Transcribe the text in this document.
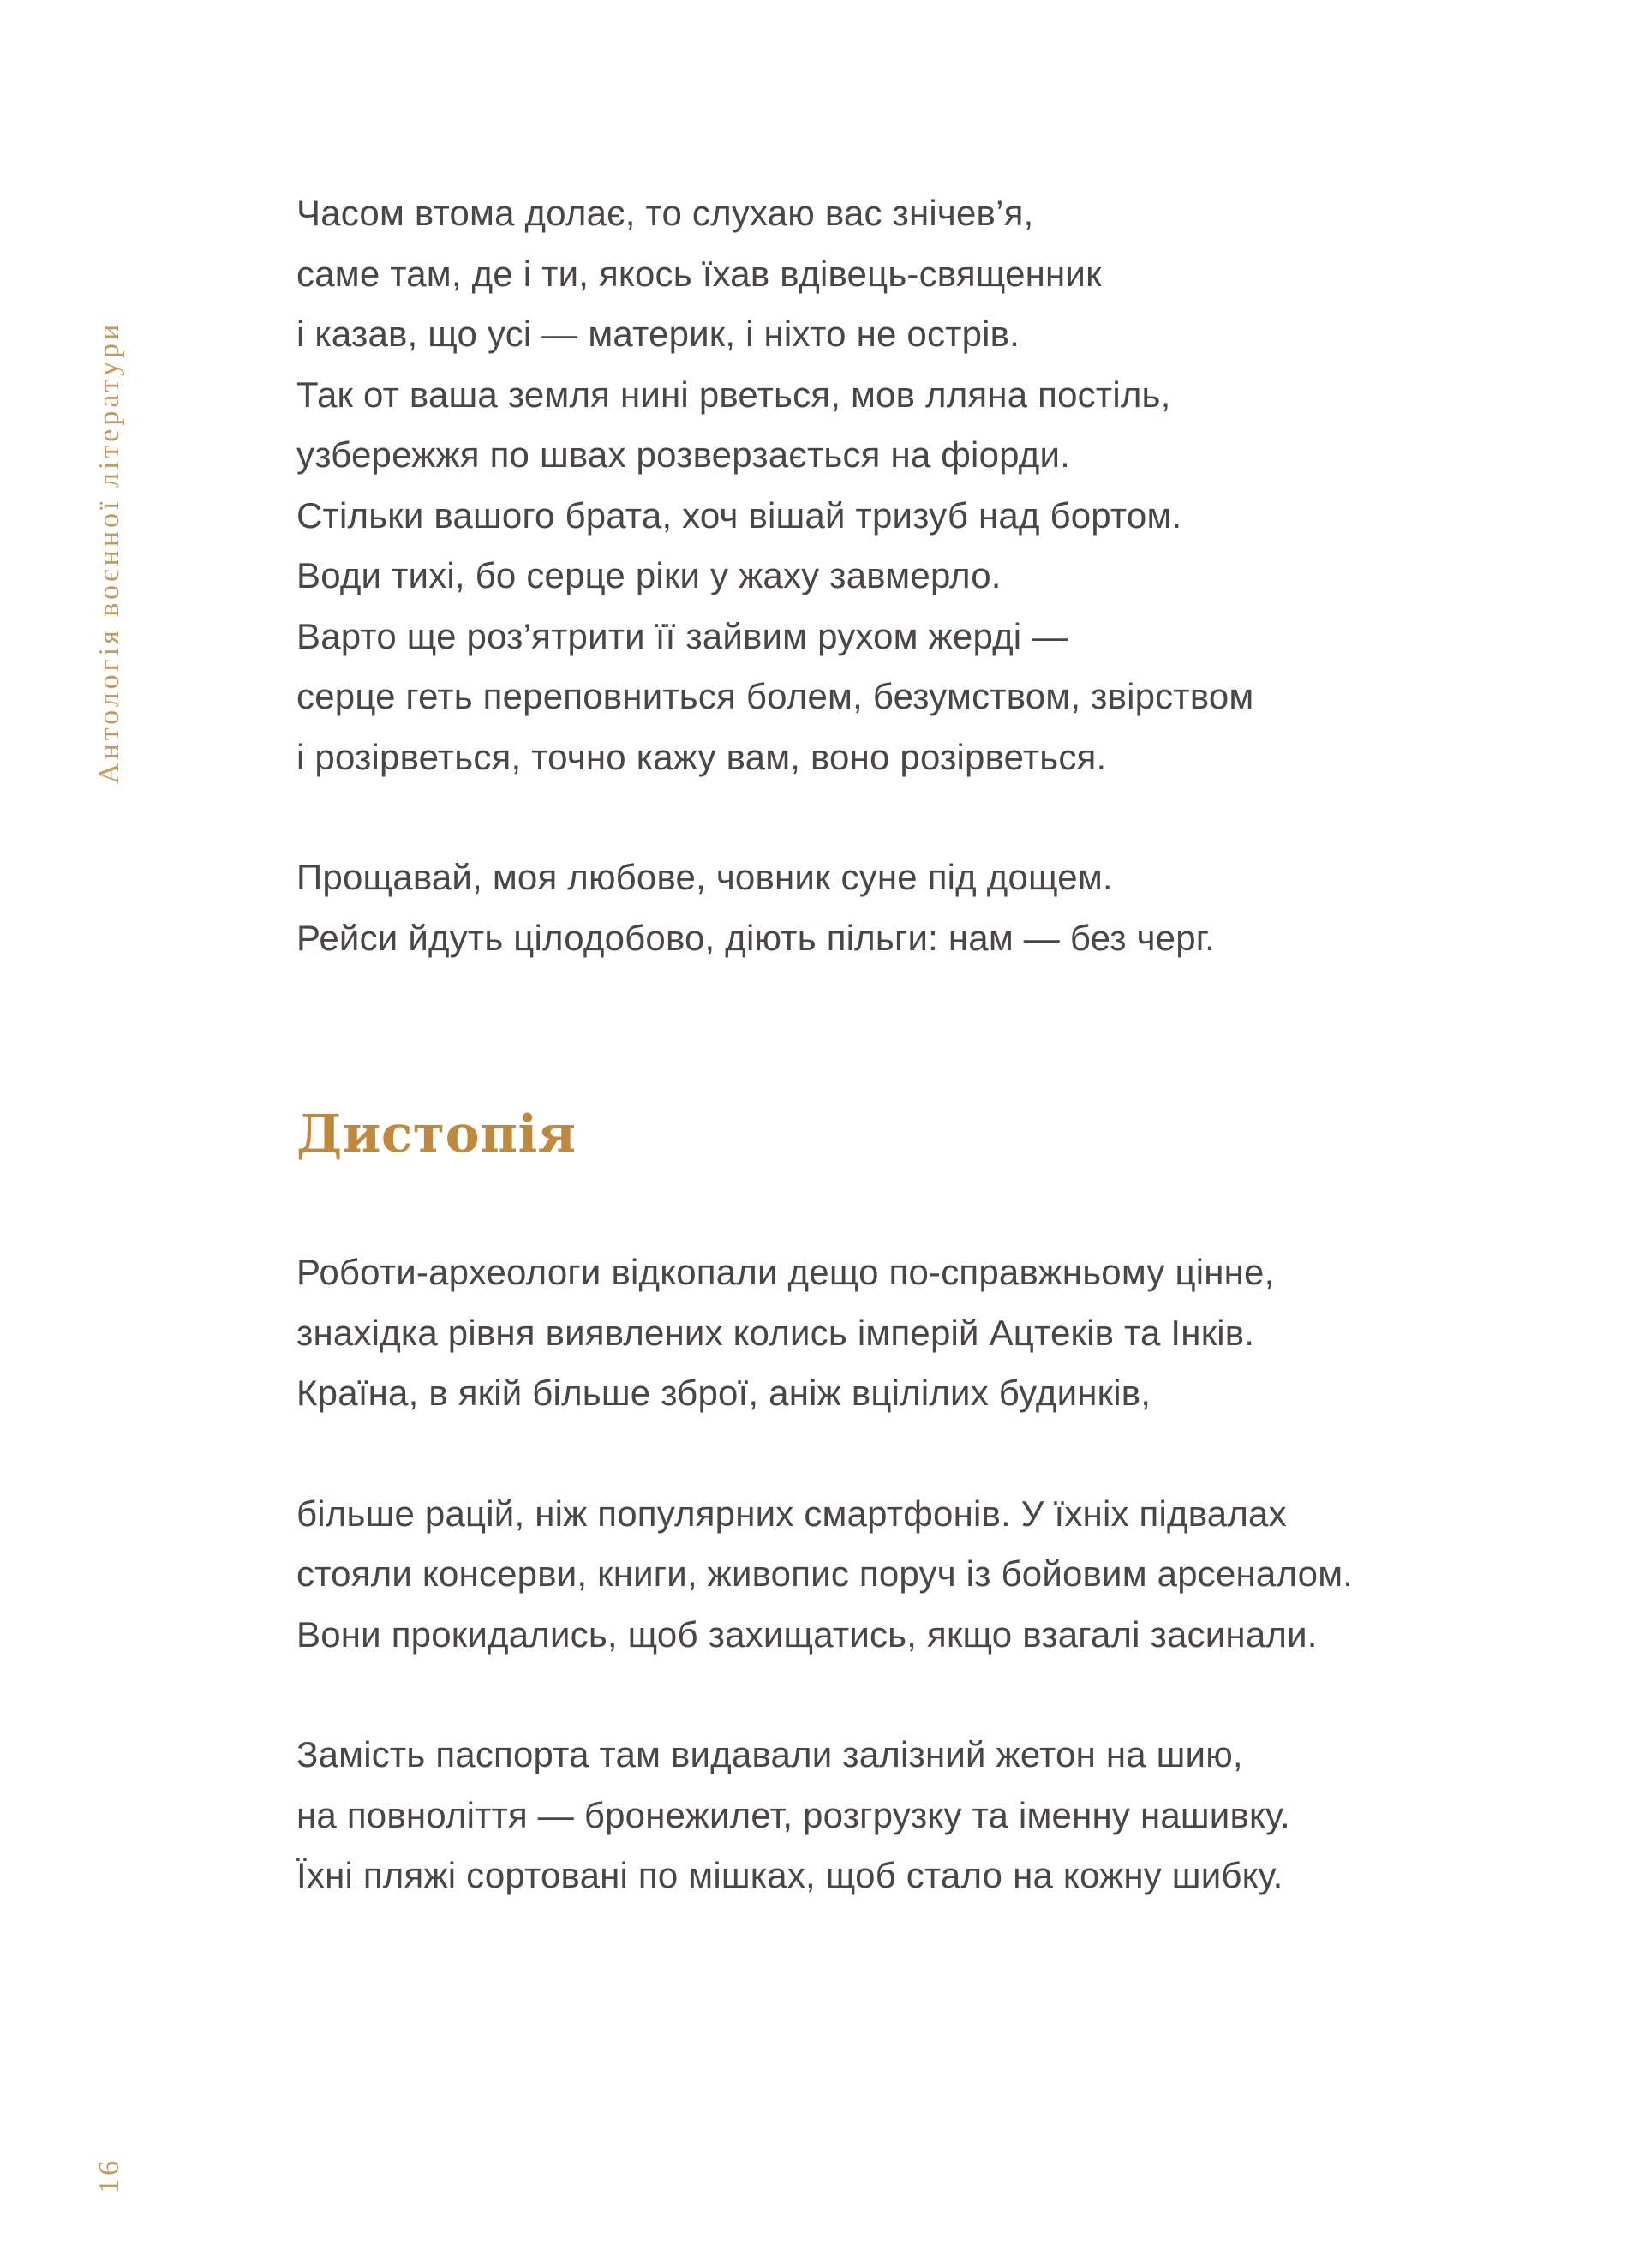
Антологія воєнної літератури
16
Часом втома долає, то слухаю вас знічев’я,
саме там, де і ти, якось їхав вдівець-священник
і казав, що усі — материк, і ніхто не острів.
Так от ваша земля нині рветься, мов лляна постіль,
узбережжя по швах розверзається на фіорди.
Стільки вашого брата, хоч вішай тризуб над бортом.
Води тихі, бо серце ріки у жаху завмерло.
Варто ще роз’ятрити її зайвим рухом жерді —
серце геть переповниться болем, безумством, звірством
і розірветься, точно кажу вам, воно розірветься.
Прощавай, моя любове, човник суне під дощем.
Рейси йдуть цілодобово, діють пільги: нам — без черг.
Дистопія
Роботи-археологи відкопали дещо по-справжньому цінне,
знахідка рівня виявлених колись імперій Ацтеків та Інків.
Країна, в якій більше зброї, аніж вцілілих будинків,
більше рацій, ніж популярних смартфонів. У їхніх підвалах
стояли консерви, книги, живопис поруч із бойовим арсеналом.
Вони прокидались, щоб захищатись, якщо взагалі засинали.
Замість паспорта там видавали залізний жетон на шию,
на повноліття — бронежилет, розгрузку та іменну нашивку.
Їхні пляжі сортовані по мішках, щоб стало на кожну шибку.
